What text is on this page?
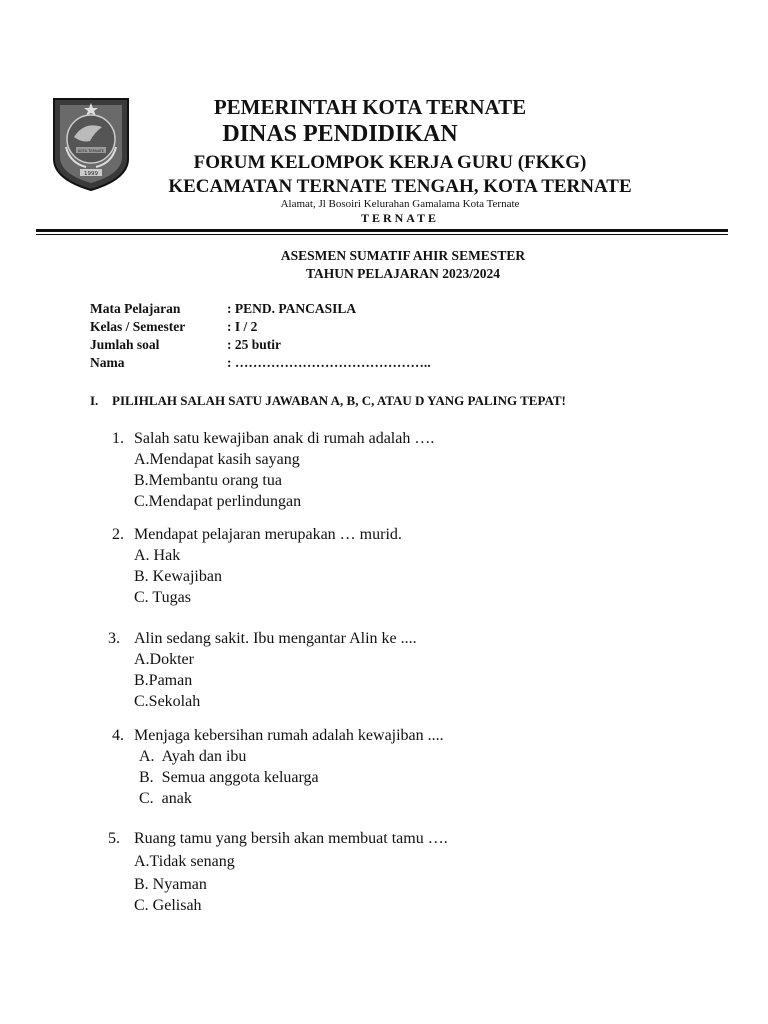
KOTA TERNATE
1999
PEMERINTAH KOTA TERNATE
DINAS PENDIDIKAN
FORUM KELOMPOK KERJA GURU (FKKG)
KECAMATAN TERNATE TENGAH, KOTA TERNATE
Alamat, Jl Bosoiri Kelurahan Gamalama Kota Ternate
TERNATE
ASESMEN SUMATIF AHIR SEMESTER
TAHUN PELAJARAN 2023/2024
Mata Pelajaran	: PEND. PANCASILA
Kelas / Semester	: I / 2
Jumlah soal	: 25 butir
Nama	: ……………………………………..
I. PILIHLAH SALAH SATU JAWABAN A, B, C, ATAU D YANG PALING TEPAT!
1. Salah satu kewajiban anak di rumah adalah ….
A.Mendapat kasih sayang
B.Membantu orang tua
C.Mendapat perlindungan
2. Mendapat pelajaran merupakan … murid.
A. Hak
B. Kewajiban
C. Tugas
3. Alin sedang sakit. Ibu mengantar Alin ke ....
A.Dokter
B.Paman
C.Sekolah
4. Menjaga kebersihan rumah adalah kewajiban ....
A.  Ayah dan ibu
B.  Semua anggota keluarga
C.  anak
5. Ruang tamu yang bersih akan membuat tamu ….
A.Tidak senang
B. Nyaman
C. Gelisah
